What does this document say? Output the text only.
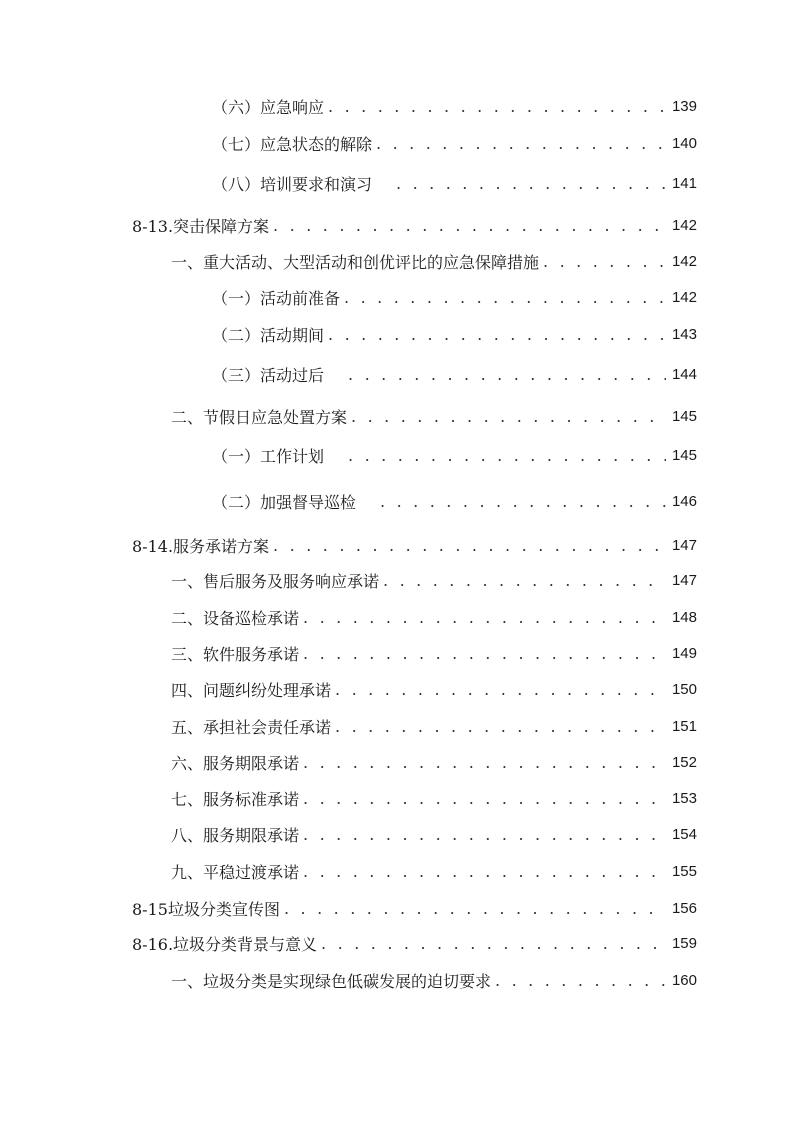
（六）应急响应 . . .	139
（七）应急状态的解除 . . .	140
（八）培训要求和演习 . . .	141
8-13.突击保障方案 . . .	142
一、重大活动、大型活动和创优评比的应急保障措施 . . .	142
（一）活动前准备 . . .	142
（二）活动期间 . . .	143
（三）活动过后 . . .	144
二、节假日应急处置方案 . . .	145
（一）工作计划 . . .	145
（二）加强督导巡检 . . .	146
8-14.服务承诺方案 . . .	147
一、售后服务及服务响应承诺 . . .	147
二、设备巡检承诺 . . .	148
三、软件服务承诺 . . .	149
四、问题纠纷处理承诺 . . .	150
五、承担社会责任承诺 . . .	151
六、服务期限承诺 . . .	152
七、服务标准承诺 . . .	153
八、服务期限承诺 . . .	154
九、平稳过渡承诺 . . .	155
8-15垃圾分类宣传图 . . .	156
8-16.垃圾分类背景与意义 . . .	159
一、垃圾分类是实现绿色低碳发展的迫切要求 . . .	160
